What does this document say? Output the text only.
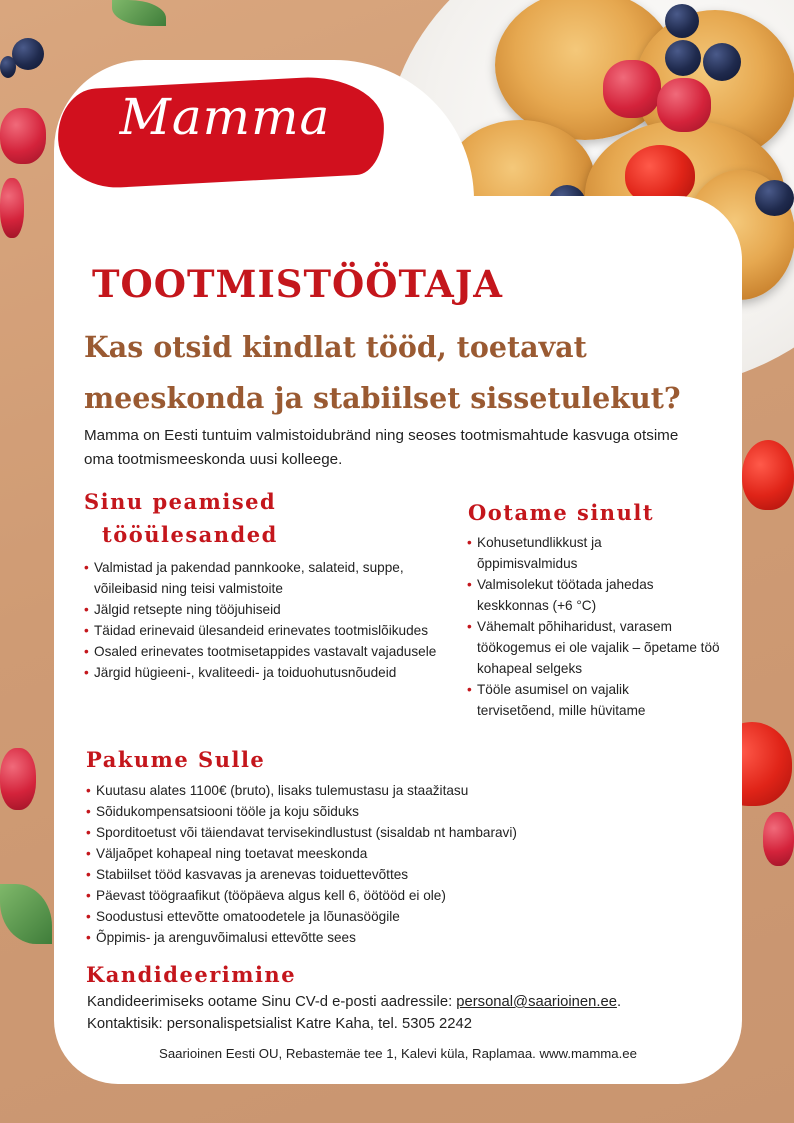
Mamma
TOOTMISTÖÖTAJA
Kas otsid kindlat tööd, toetavat meeskonda ja stabiilset sissetulekut?
Mamma on Eesti tuntuim valmistoidubränd ning seoses tootmismahtude kasvuga otsime oma tootmismeeskonda uusi kolleege.
Sinu peamised
tööülesanded
• Valmistad ja pakendad pannkooke, salateid, suppe, võileibasid ning teisi valmistoite
• Jälgid retsepte ning tööjuhiseid
• Täidad erinevaid ülesandeid erinevates tootmislõikudes
• Osaled erinevates tootmisetappides vastavalt vajadusele
• Järgid hügieeni-, kvaliteedi- ja toiduohutusnõudeid
Ootame sinult
• Kohusetundlikkust ja õppimisvalmidus
• Valmisolekut töötada jahedas keskkonnas (+6 °C)
• Vähemalt põhiharidust, varasem töökogemus ei ole vajalik – õpetame töö kohapeal selgeks
• Tööle asumisel on vajalik tervisetõend, mille hüvitame
Pakume Sulle
• Kuutasu alates 1100€ (bruto), lisaks tulemustasu ja staažitasu
• Sõidukompensatsiooni tööle ja koju sõiduks
• Sporditoetust või täiendavat tervisekindlustust (sisaldab nt hambaravi)
• Väljaõpet kohapeal ning toetavat meeskonda
• Stabiilset tööd kasvavas ja arenevas toiduettevõttes
• Päevast töögraafikut (tööpäeva algus kell 6, öötööd ei ole)
• Soodustusi ettevõtte omatoodetele ja lõunasöögile
• Õppimis- ja arenguvõimalusi ettevõtte sees
Kandideerimine
Kandideerimiseks ootame Sinu CV-d e-posti aadressile: personal@saarioinen.ee.
Kontaktisik: personalispetsialist Katre Kaha, tel. 5305 2242
Saarioinen Eesti OU, Rebastemäe tee 1, Kalevi küla, Raplamaa. www.mamma.ee
